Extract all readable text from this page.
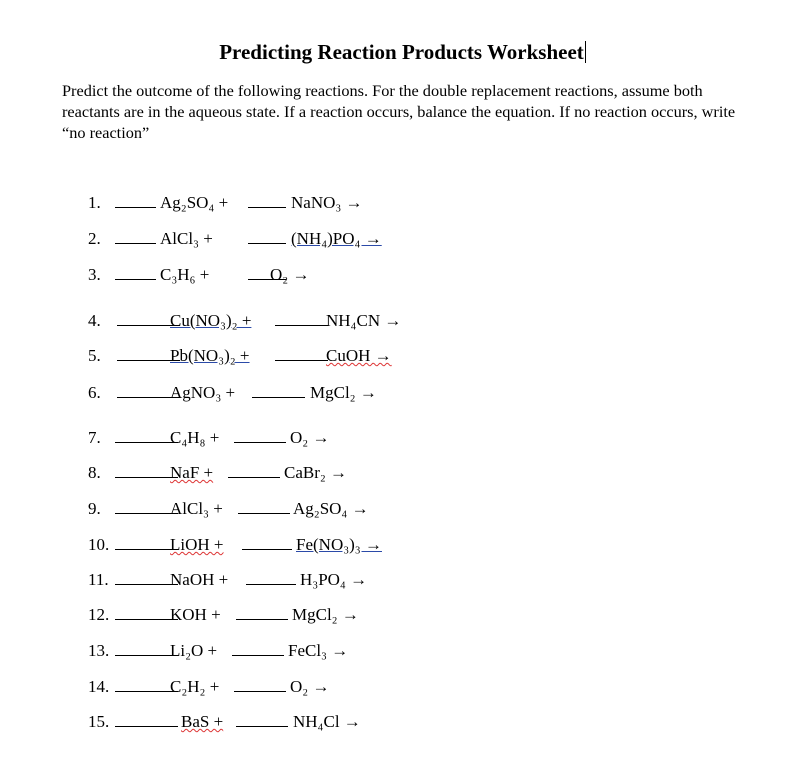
Predicting Reaction Products Worksheet
Predict the outcome of the following reactions. For the double replacement reactions, assume both reactants are in the aqueous state. If a reaction occurs, balance the equation. If no reaction occurs, write “no reaction”
1.	Ag₂SO₄ +	NaNO₃ →
2.	AlCl₃ +	(NH₄)PO₄ →
3.	C₃H₆ +	O₂ →
4.	Cu(NO₃)₂ +	NH₄CN →
5.	Pb(NO₃)₂ +	CuOH →
6.	AgNO₃ +	MgCl₂ →
7.	C₄H₈ +	O₂ →
8.	NaF +	CaBr₂ →
9.	AlCl₃ +	Ag₂SO₄ →
10.	LiOH +	Fe(NO₃)₃ →
11.	NaOH +	H₃PO₄ →
12.	KOH +	MgCl₂ →
13.	Li₂O +	FeCl₃ →
14.	C₂H₂ +	O₂ →
15.	BaS +	NH₄Cl →
